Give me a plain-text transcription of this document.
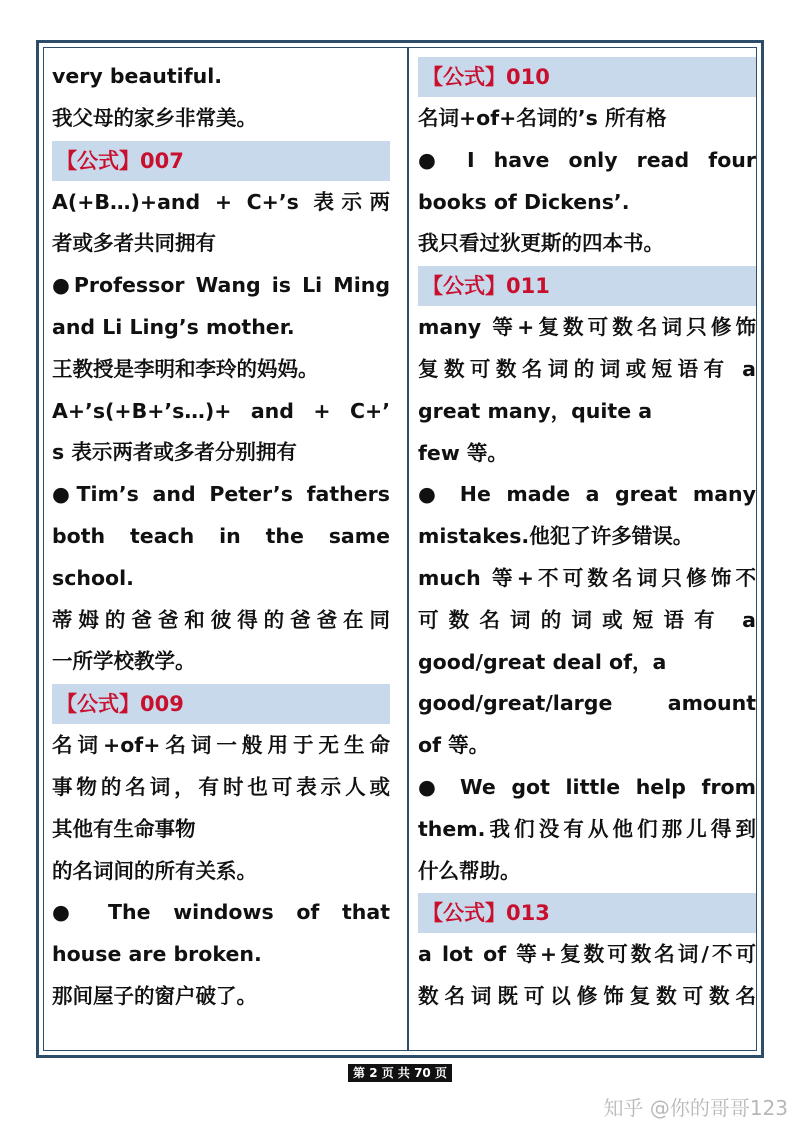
very beautiful.
我父母的家乡非常美。
【公式】007
A(+B…)+and + C+’s 表示两
者或多者共同拥有
●Professor Wang is Li Ming
and Li Ling’s mother.
王教授是李明和李玲的妈妈。
A+’s(+B+’s…)+ and + C+’
s 表示两者或多者分别拥有
●Tim’s and Peter’s fathers
both teach in the same
school.
蒂姆的爸爸和彼得的爸爸在同
一所学校教学。
【公式】009
名词+of+名词一般用于无生命
事物的名词，有时也可表示人或
其他有生命事物
的名词间的所有关系。
● The windows of that
house are broken.
那间屋子的窗户破了。
【公式】010
名词+of+名词的’s 所有格
● I have only read four
books of Dickens’.
我只看过狄更斯的四本书。
【公式】011
many 等+复数可数名词只修饰
复数可数名词的词或短语有 a
great many，quite a
few 等。
● He made a great many
mistakes.他犯了许多错误。
much 等+不可数名词只修饰不
可数名词的词或短语有 a
good/great deal of，a
good/great/large amount
of 等。
● We got little help from
them.我们没有从他们那儿得到
什么帮助。
【公式】013
a lot of 等+复数可数名词/不可
数名词既可以修饰复数可数名
第 2 页 共 70 页
知乎 @你的哥哥123
